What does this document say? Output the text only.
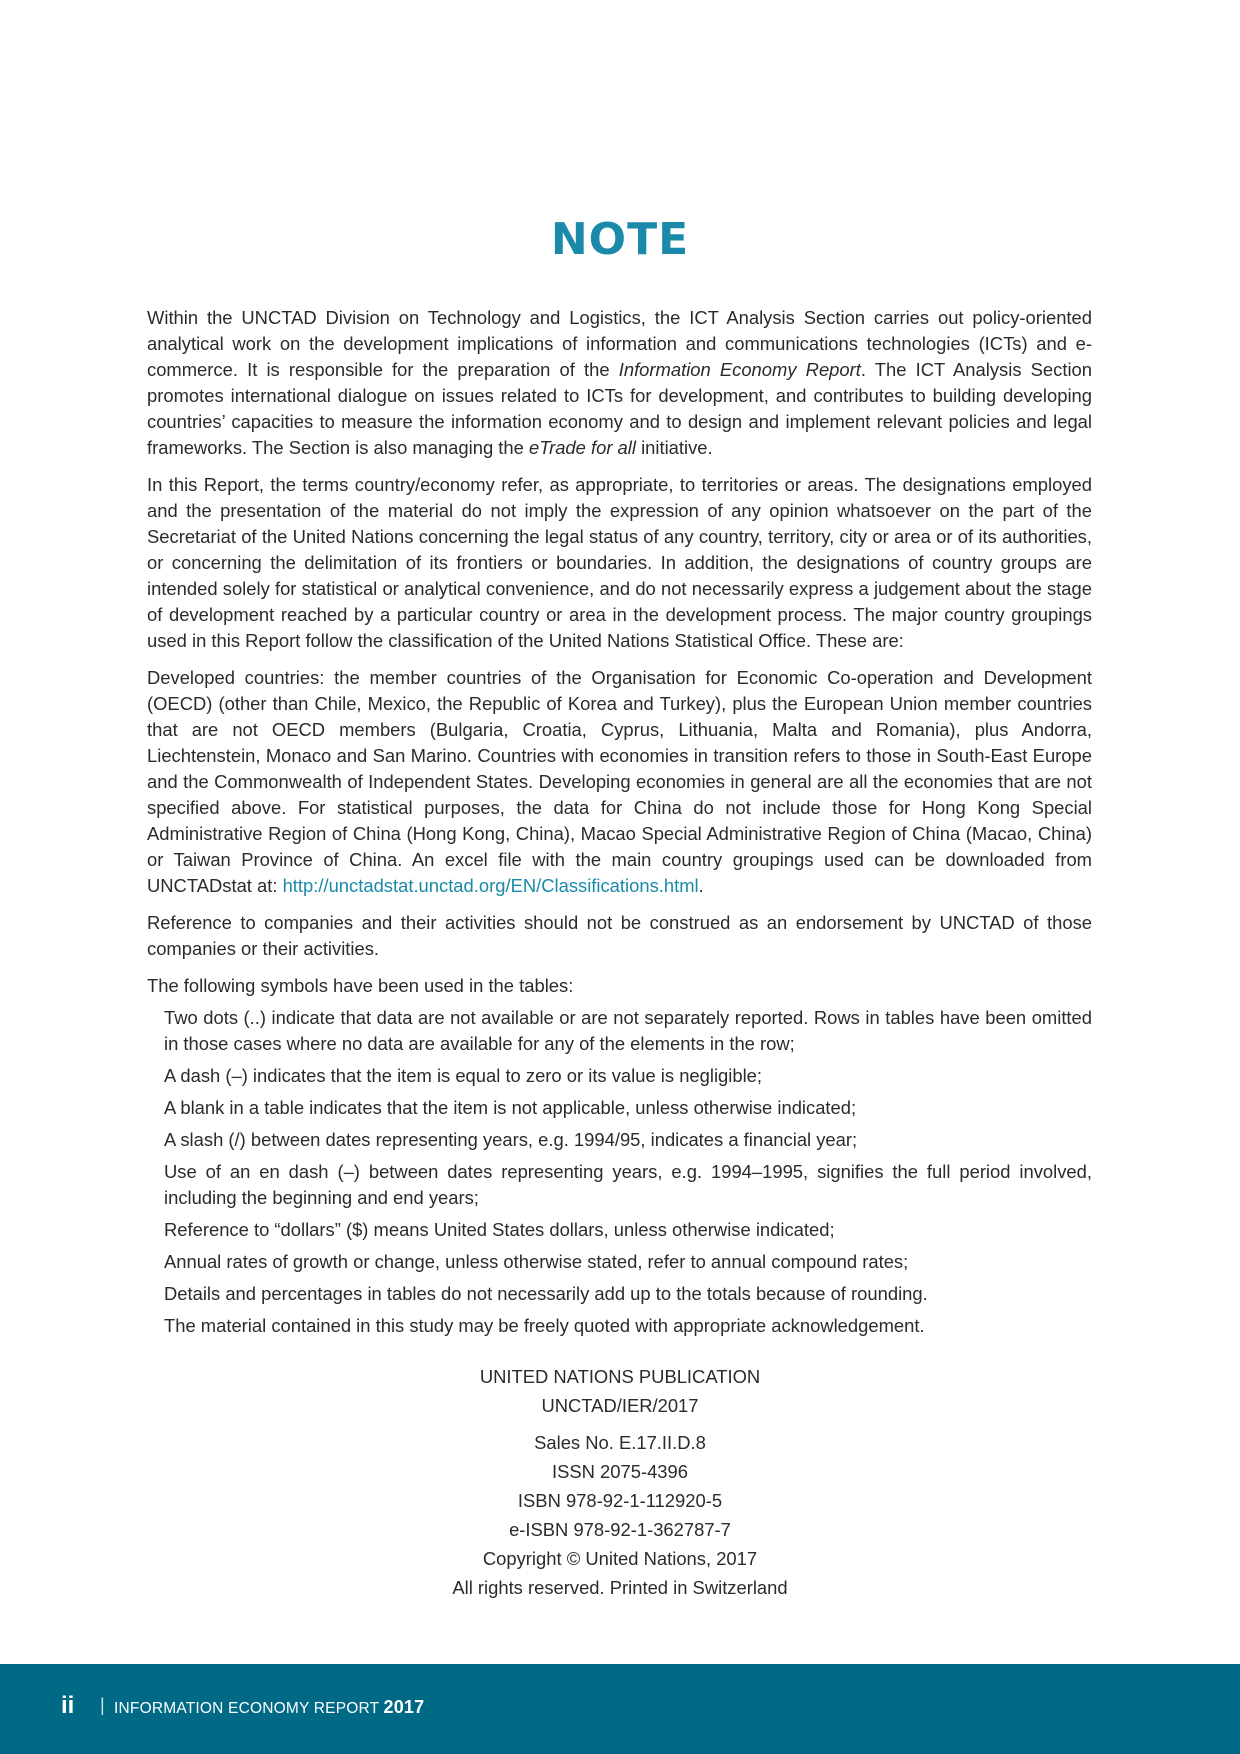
NOTE

Within the UNCTAD Division on Technology and Logistics, the ICT Analysis Section carries out policy-oriented analytical work on the development implications of information and communications technologies (ICTs) and e-commerce. It is responsible for the preparation of the Information Economy Report. The ICT Analysis Section promotes international dialogue on issues related to ICTs for development, and contributes to building developing countries’ capacities to measure the information economy and to design and implement relevant policies and legal frameworks. The Section is also managing the eTrade for all initiative.

In this Report, the terms country/economy refer, as appropriate, to territories or areas. The designations employed and the presentation of the material do not imply the expression of any opinion whatsoever on the part of the Secretariat of the United Nations concerning the legal status of any country, territory, city or area or of its authorities, or concerning the delimitation of its frontiers or boundaries. In addition, the designations of country groups are intended solely for statistical or analytical convenience, and do not necessarily express a judgement about the stage of development reached by a particular country or area in the development process. The major country groupings used in this Report follow the classification of the United Nations Statistical Office. These are:

Developed countries: the member countries of the Organisation for Economic Co-operation and Development (OECD) (other than Chile, Mexico, the Republic of Korea and Turkey), plus the European Union member countries that are not OECD members (Bulgaria, Croatia, Cyprus, Lithuania, Malta and Romania), plus Andorra, Liechtenstein, Monaco and San Marino. Countries with economies in transition refers to those in South-East Europe and the Commonwealth of Independent States. Developing economies in general are all the economies that are not specified above. For statistical purposes, the data for China do not include those for Hong Kong Special Administrative Region of China (Hong Kong, China), Macao Special Administrative Region of China (Macao, China) or Taiwan Province of China. An excel file with the main country groupings used can be downloaded from UNCTADstat at: http://unctadstat.unctad.org/EN/Classifications.html.

Reference to companies and their activities should not be construed as an endorsement by UNCTAD of those companies or their activities.

The following symbols have been used in the tables:

Two dots (..) indicate that data are not available or are not separately reported. Rows in tables have been omitted in those cases where no data are available for any of the elements in the row;
A dash (–) indicates that the item is equal to zero or its value is negligible;
A blank in a table indicates that the item is not applicable, unless otherwise indicated;
A slash (/) between dates representing years, e.g. 1994/95, indicates a financial year;
Use of an en dash (–) between dates representing years, e.g. 1994–1995, signifies the full period involved, including the beginning and end years;
Reference to “dollars” ($) means United States dollars, unless otherwise indicated;
Annual rates of growth or change, unless otherwise stated, refer to annual compound rates;
Details and percentages in tables do not necessarily add up to the totals because of rounding.
The material contained in this study may be freely quoted with appropriate acknowledgement.
UNITED NATIONS PUBLICATION
UNCTAD/IER/2017
Sales No. E.17.II.D.8
ISSN 2075-4396
ISBN 978-92-1-112920-5
e-ISBN 978-92-1-362787-7
Copyright © United Nations, 2017
All rights reserved. Printed in Switzerland
ii | INFORMATION ECONOMY REPORT 2017
